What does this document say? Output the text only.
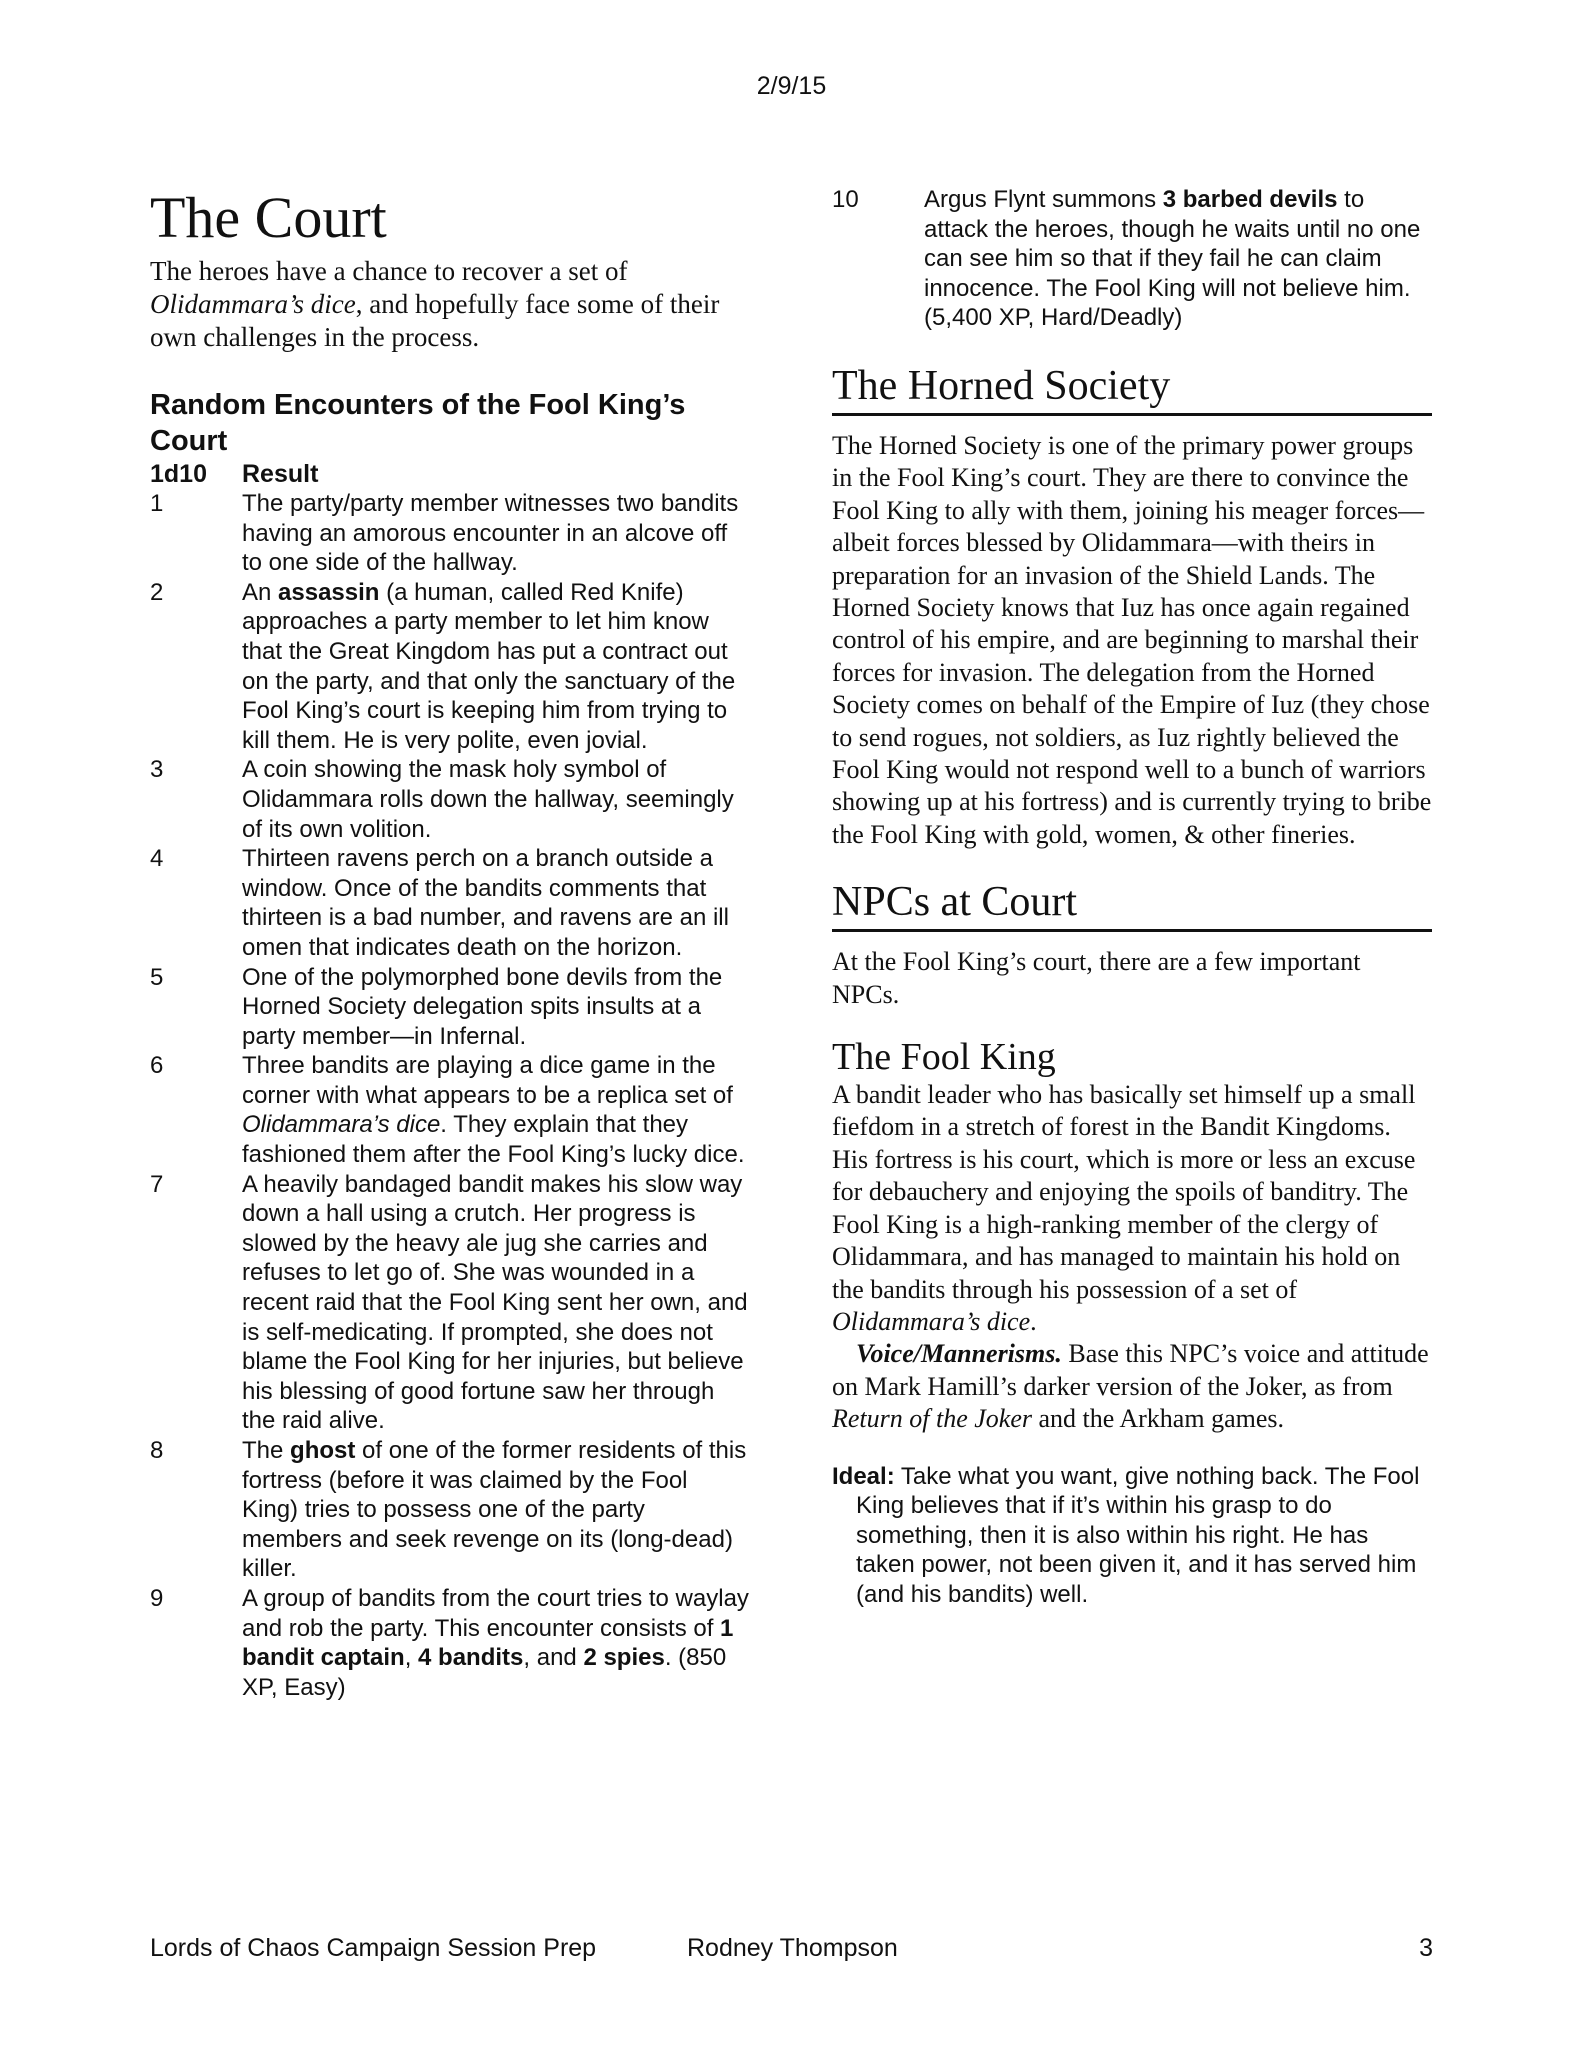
2/9/15
The Court

The heroes have a chance to recover a set of Olidammara’s dice, and hopefully face some of their own challenges in the process.

Random Encounters of the Fool King’s Court
1d10	Result
1	The party/party member witnesses two bandits having an amorous encounter in an alcove off to one side of the hallway.
2	An assassin (a human, called Red Knife) approaches a party member to let him know that the Great Kingdom has put a contract out on the party, and that only the sanctuary of the Fool King’s court is keeping him from trying to kill them. He is very polite, even jovial.
3	A coin showing the mask holy symbol of Olidammara rolls down the hallway, seemingly of its own volition.
4	Thirteen ravens perch on a branch outside a window. Once of the bandits comments that thirteen is a bad number, and ravens are an ill omen that indicates death on the horizon.
5	One of the polymorphed bone devils from the Horned Society delegation spits insults at a party member—in Infernal.
6	Three bandits are playing a dice game in the corner with what appears to be a replica set of Olidammara’s dice. They explain that they fashioned them after the Fool King’s lucky dice.
7	A heavily bandaged bandit makes his slow way down a hall using a crutch. Her progress is slowed by the heavy ale jug she carries and refuses to let go of. She was wounded in a recent raid that the Fool King sent her own, and is self-medicating. If prompted, she does not blame the Fool King for her injuries, but believe his blessing of good fortune saw her through the raid alive.
8	The ghost of one of the former residents of this fortress (before it was claimed by the Fool King) tries to possess one of the party members and seek revenge on its (long-dead) killer.
9	A group of bandits from the court tries to waylay and rob the party. This encounter consists of 1 bandit captain, 4 bandits, and 2 spies. (850 XP, Easy)
10	Argus Flynt summons 3 barbed devils to attack the heroes, though he waits until no one can see him so that if they fail he can claim innocence. The Fool King will not believe him. (5,400 XP, Hard/Deadly)
The Horned Society

The Horned Society is one of the primary power groups in the Fool King’s court. They are there to convince the Fool King to ally with them, joining his meager forces—albeit forces blessed by Olidammara—with theirs in preparation for an invasion of the Shield Lands. The Horned Society knows that Iuz has once again regained control of his empire, and are beginning to marshal their forces for invasion. The delegation from the Horned Society comes on behalf of the Empire of Iuz (they chose to send rogues, not soldiers, as Iuz rightly believed the Fool King would not respond well to a bunch of warriors showing up at his fortress) and is currently trying to bribe the Fool King with gold, women, & other fineries.

NPCs at Court

At the Fool King’s court, there are a few important NPCs.

The Fool King

A bandit leader who has basically set himself up a small fiefdom in a stretch of forest in the Bandit Kingdoms. His fortress is his court, which is more or less an excuse for debauchery and enjoying the spoils of banditry. The Fool King is a high-ranking member of the clergy of Olidammara, and has managed to maintain his hold on the bandits through his possession of a set of Olidammara’s dice.

Voice/Mannerisms. Base this NPC’s voice and attitude on Mark Hamill’s darker version of the Joker, as from Return of the Joker and the Arkham games.

Ideal: Take what you want, give nothing back. The Fool King believes that if it’s within his grasp to do something, then it is also within his right. He has taken power, not been given it, and it has served him (and his bandits) well.

Lords of Chaos Campaign Session Prep	Rodney Thompson	3
